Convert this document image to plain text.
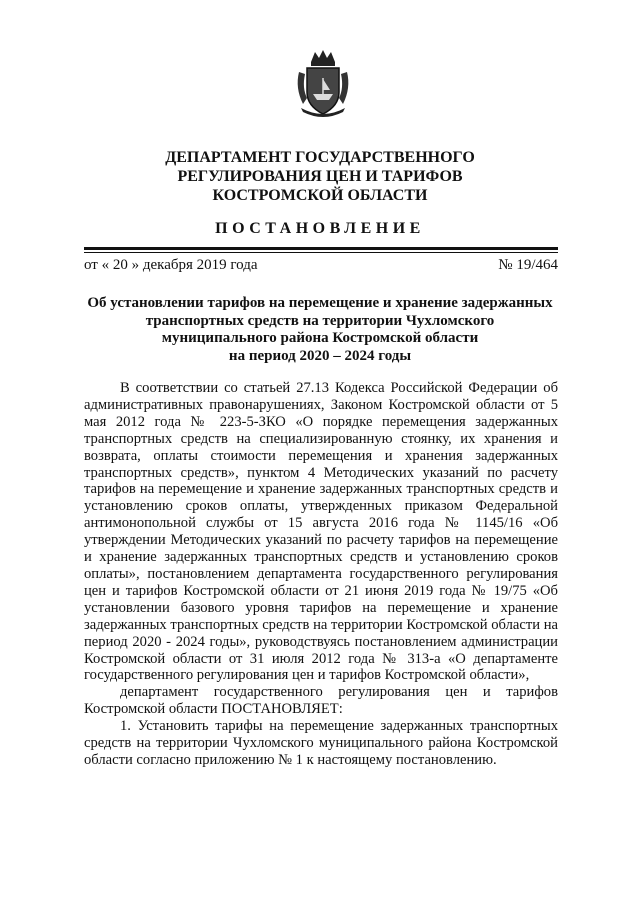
ДЕПАРТАМЕНТ ГОСУДАРСТВЕННОГО
РЕГУЛИРОВАНИЯ ЦЕН И ТАРИФОВ
КОСТРОМСКОЙ ОБЛАСТИ
ПОСТАНОВЛЕНИЕ
от « 20 » декабря 2019 года	№ 19/464
Об установлении тарифов на перемещение и хранение задержанных
транспортных средств на территории Чухломского
муниципального района Костромской области
на период 2020 – 2024 годы

В соответствии со статьей 27.13 Кодекса Российской Федерации об административных правонарушениях, Законом Костромской области от 5 мая 2012 года № 223-5-ЗКО «О порядке перемещения задержанных транспортных средств на специализированную стоянку, их хранения и возврата, оплаты стоимости перемещения и хранения задержанных транспортных средств», пунктом 4 Методических указаний по расчету тарифов на перемещение и хранение задержанных транспортных средств и установлению сроков оплаты, утвержденных приказом Федеральной антимонопольной службы от 15 августа 2016 года № 1145/16 «Об утверждении Методических указаний по расчету тарифов на перемещение и хранение задержанных транспортных средств и установлению сроков оплаты», постановлением департамента государственного регулирования цен и тарифов Костромской области от 21 июня 2019 года № 19/75 «Об установлении базового уровня тарифов на перемещение и хранение задержанных транспортных средств на территории Костромской области на период 2020 - 2024 годы», руководствуясь постановлением администрации Костромской области от 31 июля 2012 года № 313-а «О департаменте государственного регулирования цен и тарифов Костромской области»,

департамент государственного регулирования цен и тарифов Костромской области ПОСТАНОВЛЯЕТ:

1. Установить тарифы на перемещение задержанных транспортных средств на территории Чухломского муниципального района Костромской области согласно приложению № 1 к настоящему постановлению.
